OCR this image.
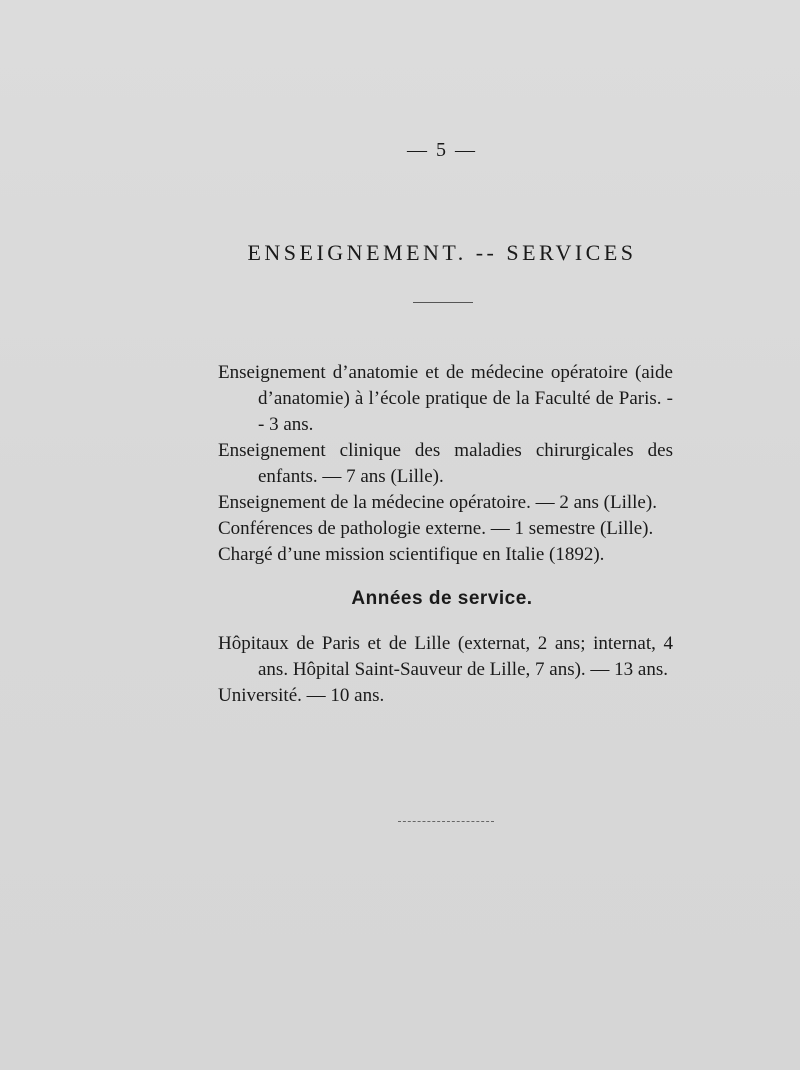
— 5 —
ENSEIGNEMENT. -- SERVICES

Enseignement d’anatomie et de médecine opératoire (aide d’anatomie) à l’école pratique de la Faculté de Paris. -- 3 ans.

Enseignement clinique des maladies chirurgicales des enfants. — 7 ans (Lille).

Enseignement de la médecine opératoire. — 2 ans (Lille).

Conférences de pathologie externe. — 1 semestre (Lille).

Chargé d’une mission scientifique en Italie (1892).

Années de service.

Hôpitaux de Paris et de Lille (externat, 2 ans; internat, 4 ans. Hôpital Saint-Sauveur de Lille, 7 ans). — 13 ans.

Université. — 10 ans.
